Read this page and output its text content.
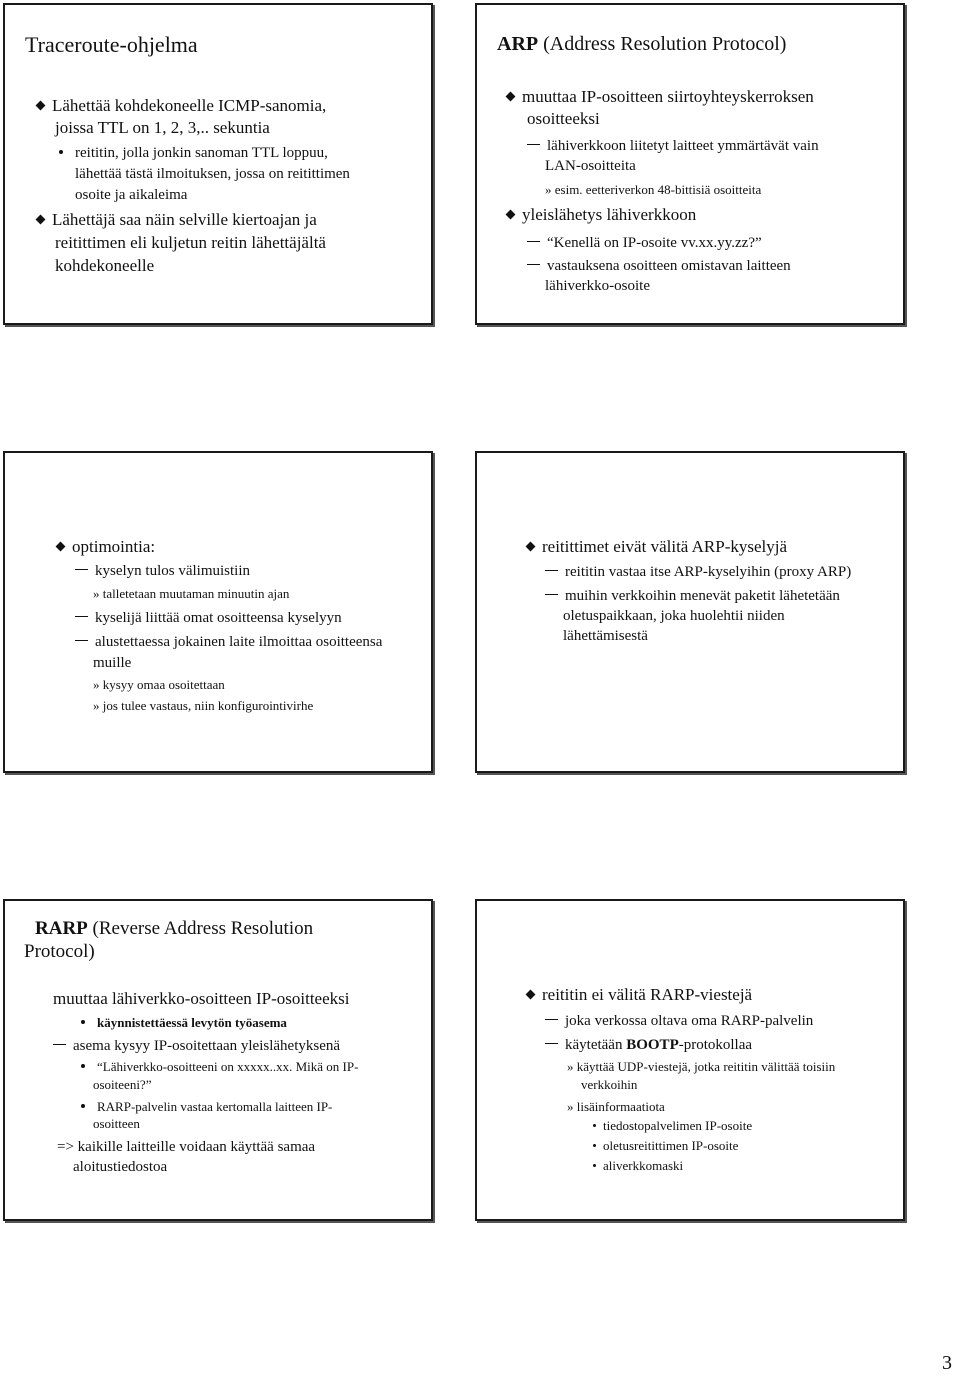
Traceroute-ohjelma
Lähettää kohdekoneelle ICMP-sanomia,
joissa TTL on 1, 2, 3,.. sekuntia
reititin, jolla jonkin sanoman TTL loppuu,
lähettää tästä ilmoituksen, jossa on reitittimen
osoite ja aikaleima
Lähettäjä saa näin selville kiertoajan ja
reitittimen eli kuljetun reitin lähettäjältä
kohdekoneelle
ARP (Address Resolution Protocol)
muuttaa IP-osoitteen siirtoyhteyskerroksen
osoitteeksi
lähiverkkoon liitetyt laitteet ymmärtävät vain
LAN-osoitteita
» esim. eetteriverkon 48-bittisiä osoitteita
yleislähetys lähiverkkoon
“Kenellä on IP-osoite vv.xx.yy.zz?”
vastauksena osoitteen omistavan laitteen
lähiverkko-osoite
optimointia:
kyselyn tulos välimuistiin
» talletetaan muutaman minuutin ajan
kyselijä liittää omat osoitteensa kyselyyn
alustettaessa jokainen laite ilmoittaa osoitteensa
muille
» kysyy omaa osoitettaan
» jos tulee vastaus, niin konfigurointivirhe
reitittimet eivät välitä ARP-kyselyjä
reititin vastaa itse ARP-kyselyihin (proxy ARP)
muihin verkkoihin menevät paketit lähetetään
oletuspaikkaan, joka huolehtii niiden
lähettämisestä
RARP (Reverse Address Resolution
Protocol)
muuttaa lähiverkko-osoitteen IP-osoitteeksi
käynnistettäessä levytön työasema
asema kysyy IP-osoitettaan yleislähetyksenä
“Lähiverkko-osoitteeni on xxxxx..xx. Mikä on IP-
osoiteeni?”
RARP-palvelin vastaa kertomalla laitteen IP-
osoitteen
=> kaikille laitteille voidaan käyttää samaa
aloitustiedostoa
reititin ei välitä RARP-viestejä
joka verkossa oltava oma RARP-palvelin
käytetään BOOTP-protokollaa
» käyttää UDP-viestejä, jotka reititin välittää toisiin
verkkoihin
» lisäinformaatiota
tiedostopalvelimen IP-osoite
oletusreitittimen IP-osoite
aliverkkomaski
3
